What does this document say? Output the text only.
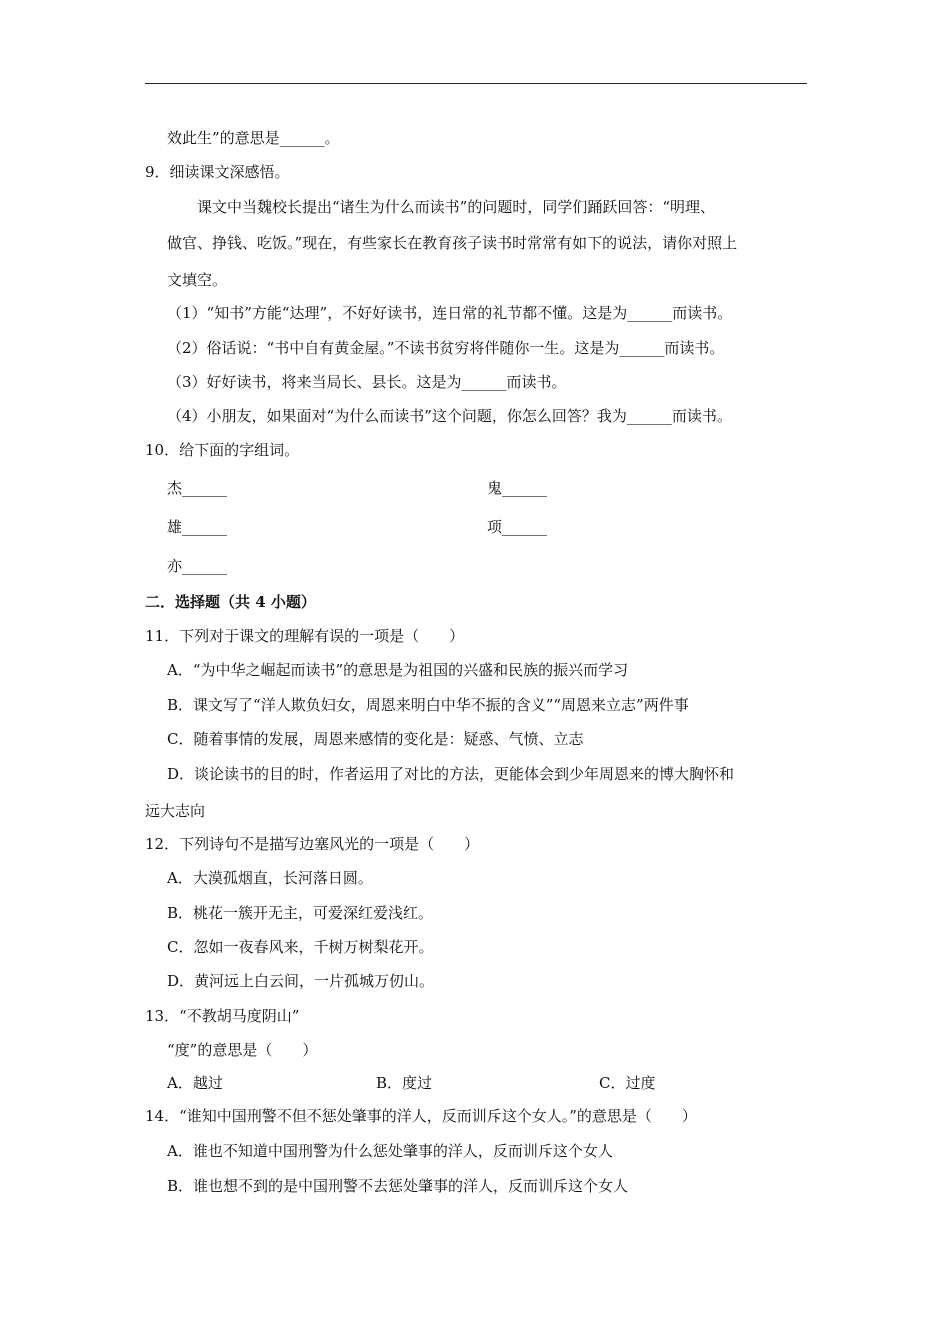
效此生”的意思是______。
9．细读课文深感悟。
课文中当魏校长提出“诸生为什么而读书”的问题时，同学们踊跃回答：“明理、
做官、挣钱、吃饭。”现在，有些家长在教育孩子读书时常常有如下的说法，请你对照上
文填空。
（1）“知书”方能“达理”，不好好读书，连日常的礼节都不懂。这是为______而读书。
（2）俗话说：“书中自有黄金屋。”不读书贫穷将伴随你一生。这是为______而读书。
（3）好好读书，将来当局长、县长。这是为______而读书。
（4）小朋友，如果面对“为什么而读书”这个问题，你怎么回答？我为______而读书。
10．给下面的字组词。
杰______	鬼______
雄______	项______
亦______
二．选择题（共 4 小题）
11．下列对于课文的理解有误的一项是（　　）
A．“为中华之崛起而读书”的意思是为祖国的兴盛和民族的振兴而学习
B．课文写了“洋人欺负妇女，周恩来明白中华不振的含义”“周恩来立志”两件事
C．随着事情的发展，周恩来感情的变化是：疑惑、气愤、立志
D．谈论读书的目的时，作者运用了对比的方法，更能体会到少年周恩来的博大胸怀和
远大志向
12．下列诗句不是描写边塞风光的一项是（　　）
A．大漠孤烟直，长河落日圆。
B．桃花一簇开无主，可爱深红爱浅红。
C．忽如一夜春风来，千树万树梨花开。
D．黄河远上白云间，一片孤城万仞山。
13．“不教胡马度阴山”
“度”的意思是（　　）
A．越过	B．度过	C．过度
14．“谁知中国刑警不但不惩处肇事的洋人，反而训斥这个女人。”的意思是（　　）
A．谁也不知道中国刑警为什么惩处肇事的洋人，反而训斥这个女人
B．谁也想不到的是中国刑警不去惩处肇事的洋人，反而训斥这个女人
